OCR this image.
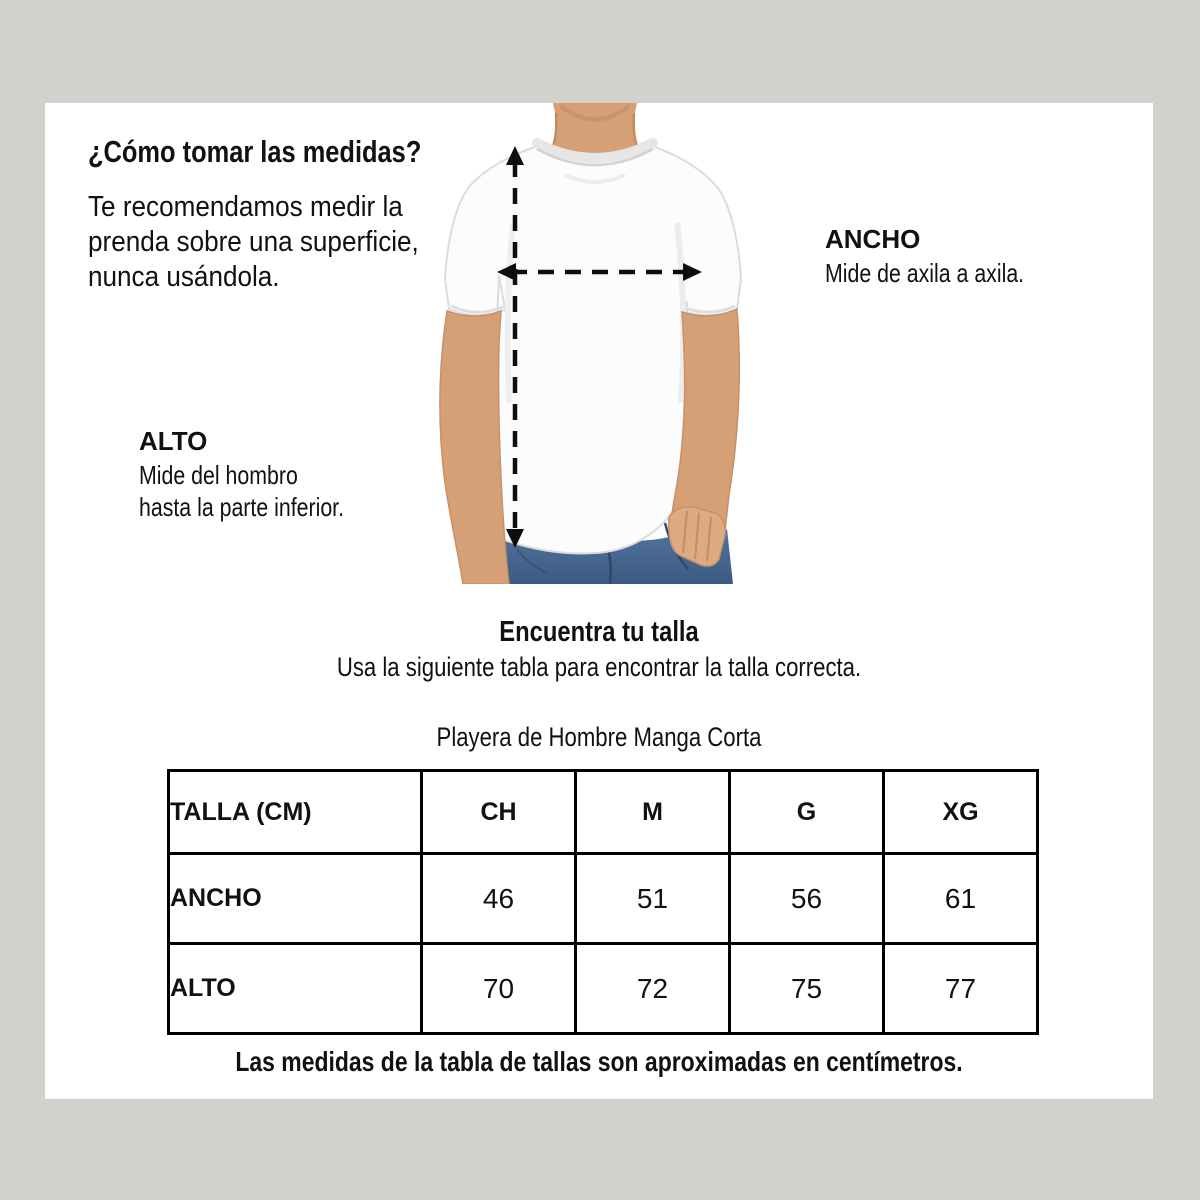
¿Cómo tomar las medidas?
Te recomendamos medir la
prenda sobre una superficie,
nunca usándola.
ANCHO
Mide de axila a axila.
ALTO
Mide del hombro
hasta la parte inferior.
Encuentra tu talla
Usa la siguiente tabla para encontrar la talla correcta.
Playera de Hombre Manga Corta
TALLA (CM)	CH	M	G	XG
ANCHO	46	51	56	61
ALTO	70	72	75	77
Las medidas de la tabla de tallas son aproximadas en centímetros.
